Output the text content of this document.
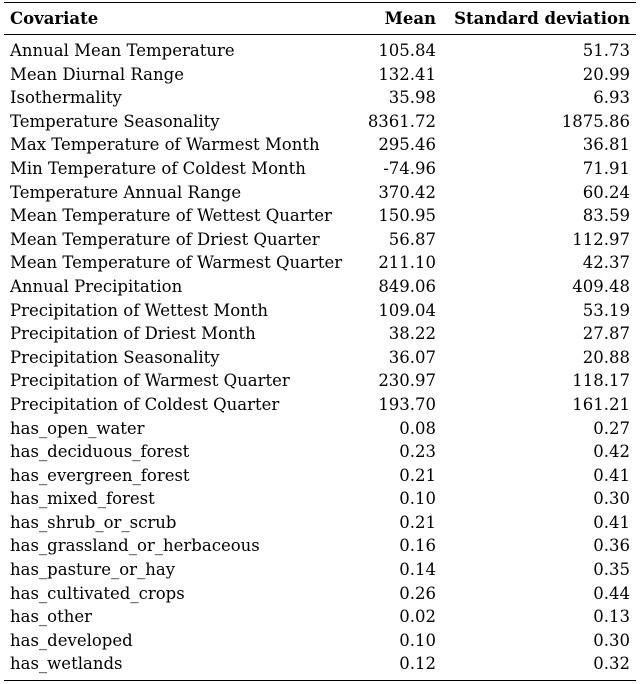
Covariate	Mean	Standard deviation
Annual Mean Temperature	105.84	51.73
Mean Diurnal Range	132.41	20.99
Isothermality	35.98	6.93
Temperature Seasonality	8361.72	1875.86
Max Temperature of Warmest Month	295.46	36.81
Min Temperature of Coldest Month	-74.96	71.91
Temperature Annual Range	370.42	60.24
Mean Temperature of Wettest Quarter	150.95	83.59
Mean Temperature of Driest Quarter	56.87	112.97
Mean Temperature of Warmest Quarter	211.10	42.37
Annual Precipitation	849.06	409.48
Precipitation of Wettest Month	109.04	53.19
Precipitation of Driest Month	38.22	27.87
Precipitation Seasonality	36.07	20.88
Precipitation of Warmest Quarter	230.97	118.17
Precipitation of Coldest Quarter	193.70	161.21
has_open_water	0.08	0.27
has_deciduous_forest	0.23	0.42
has_evergreen_forest	0.21	0.41
has_mixed_forest	0.10	0.30
has_shrub_or_scrub	0.21	0.41
has_grassland_or_herbaceous	0.16	0.36
has_pasture_or_hay	0.14	0.35
has_cultivated_crops	0.26	0.44
has_other	0.02	0.13
has_developed	0.10	0.30
has_wetlands	0.12	0.32
